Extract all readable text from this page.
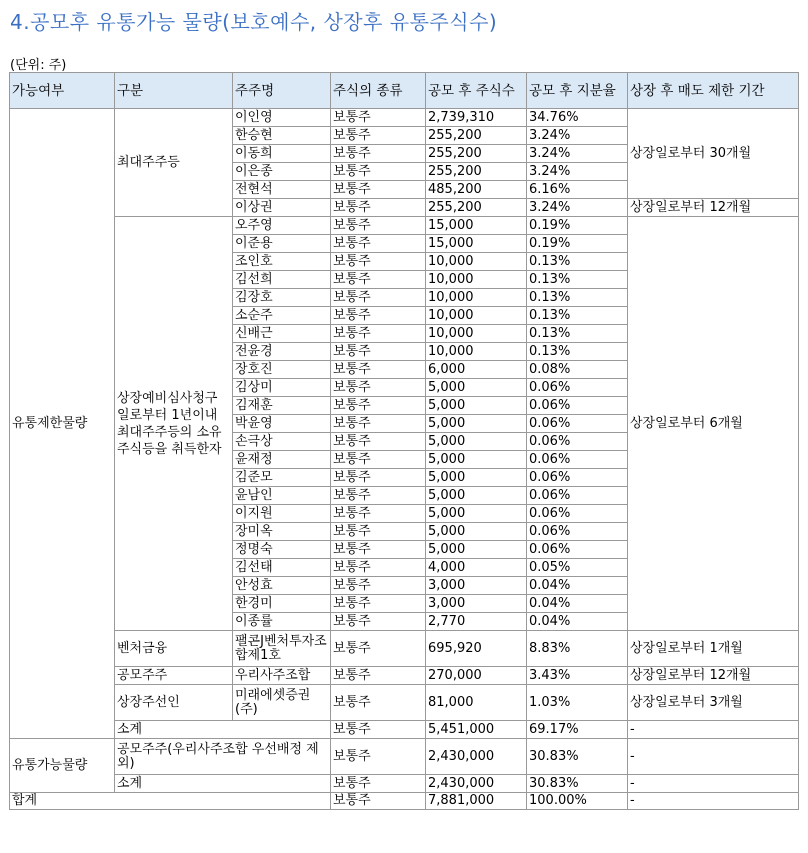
4.공모후 유통가능 물량(보호예수, 상장후 유통주식수)
(단위: 주)
가능여부	구분	주주명	주식의 종류	공모 후 주식수	공모 후 지분율	상장 후 매도 제한 기간
유통제한물량	최대주주등	이인영	보통주	2,739,310	34.76%	상장일로부터 30개월
		한승현	보통주	255,200	3.24%	
		이동희	보통주	255,200	3.24%	
		이은종	보통주	255,200	3.24%	
		전현석	보통주	485,200	6.16%	
		이상권	보통주	255,200	3.24%	상장일로부터 12개월
	상장예비심사청구일로부터 1년이내 최대주주등의 소유주식등을 취득한자	오주영	보통주	15,000	0.19%	상장일로부터 6개월
		이준용	보통주	15,000	0.19%	
		조인호	보통주	10,000	0.13%	
		김선희	보통주	10,000	0.13%	
		김장호	보통주	10,000	0.13%	
		소순주	보통주	10,000	0.13%	
		신배근	보통주	10,000	0.13%	
		전윤경	보통주	10,000	0.13%	
		장호진	보통주	6,000	0.08%	
		김상미	보통주	5,000	0.06%	
		김재훈	보통주	5,000	0.06%	
		박윤영	보통주	5,000	0.06%	
		손극상	보통주	5,000	0.06%	
		윤재정	보통주	5,000	0.06%	
		김준모	보통주	5,000	0.06%	
		윤남인	보통주	5,000	0.06%	
		이지원	보통주	5,000	0.06%	
		장미옥	보통주	5,000	0.06%	
		정명숙	보통주	5,000	0.06%	
		김선태	보통주	4,000	0.05%	
		안성효	보통주	3,000	0.04%	
		한경미	보통주	3,000	0.04%	
		이종률	보통주	2,770	0.04%	
	벤처금융	팰콘J벤처투자조합제1호	보통주	695,920	8.83%	상장일로부터 1개월
	공모주주	우리사주조합	보통주	270,000	3.43%	상장일로부터 12개월
	상장주선인	미래에셋증권(주)	보통주	81,000	1.03%	상장일로부터 3개월
	소계		보통주	5,451,000	69.17%	-
유통가능물량	공모주주(우리사주조합 우선배정 제외)		보통주	2,430,000	30.83%	-
	소계		보통주	2,430,000	30.83%	-
합계			보통주	7,881,000	100.00%	-
